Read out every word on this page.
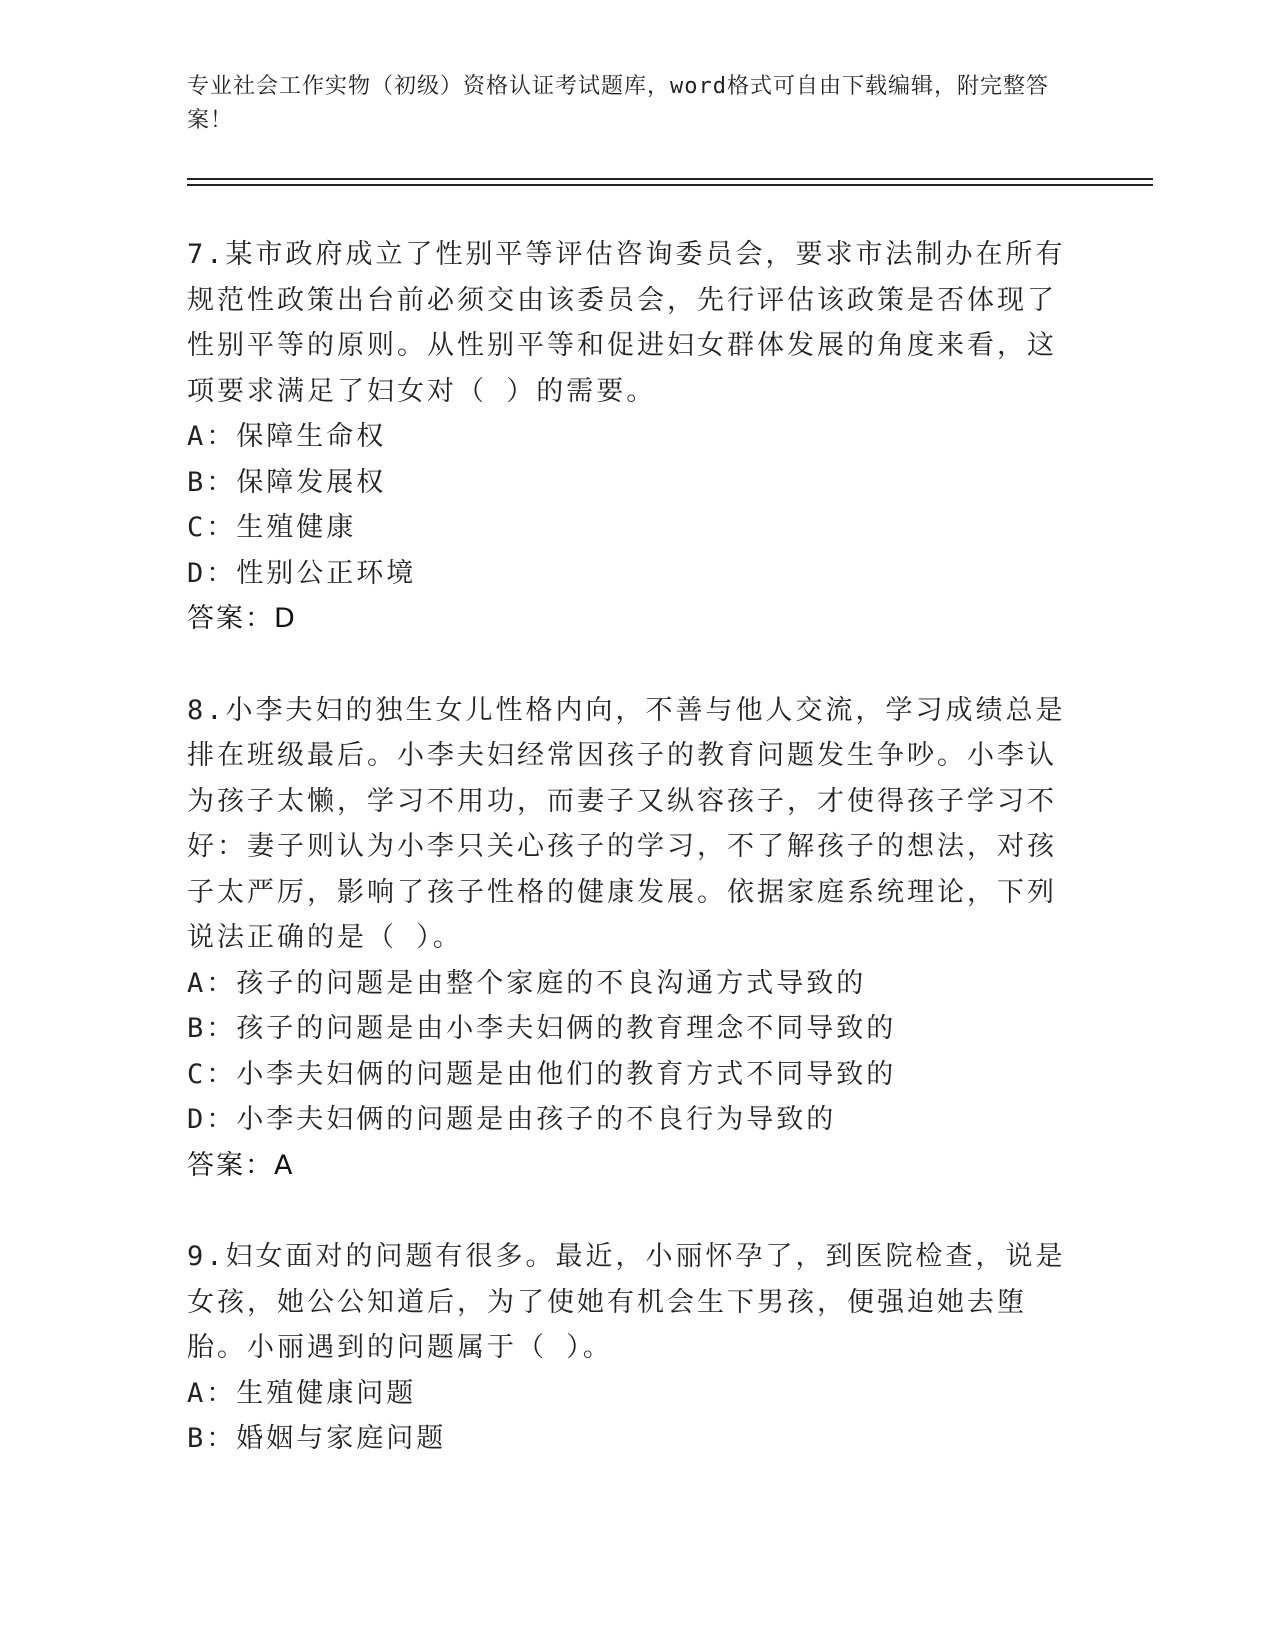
专业社会工作实物（初级）资格认证考试题库，word格式可自由下载编辑，附完整答案！

7.某市政府成立了性别平等评估咨询委员会，要求市法制办在所有规范性政策出台前必须交由该委员会，先行评估该政策是否体现了性别平等的原则。从性别平等和促进妇女群体发展的角度来看，这项要求满足了妇女对（ ）的需要。

A：保障生命权

B：保障发展权

C：生殖健康

D：性别公正环境

答案：D

8.小李夫妇的独生女儿性格内向，不善与他人交流，学习成绩总是排在班级最后。小李夫妇经常因孩子的教育问题发生争吵。小李认为孩子太懒，学习不用功，而妻子又纵容孩子，才使得孩子学习不好：妻子则认为小李只关心孩子的学习，不了解孩子的想法，对孩子太严厉，影响了孩子性格的健康发展。依据家庭系统理论，下列说法正确的是（ ）。

A：孩子的问题是由整个家庭的不良沟通方式导致的

B：孩子的问题是由小李夫妇俩的教育理念不同导致的

C：小李夫妇俩的问题是由他们的教育方式不同导致的

D：小李夫妇俩的问题是由孩子的不良行为导致的

答案：A

9.妇女面对的问题有很多。最近，小丽怀孕了，到医院检查，说是女孩，她公公知道后，为了使她有机会生下男孩，便强迫她去堕胎。小丽遇到的问题属于（ ）。

A：生殖健康问题

B：婚姻与家庭问题
